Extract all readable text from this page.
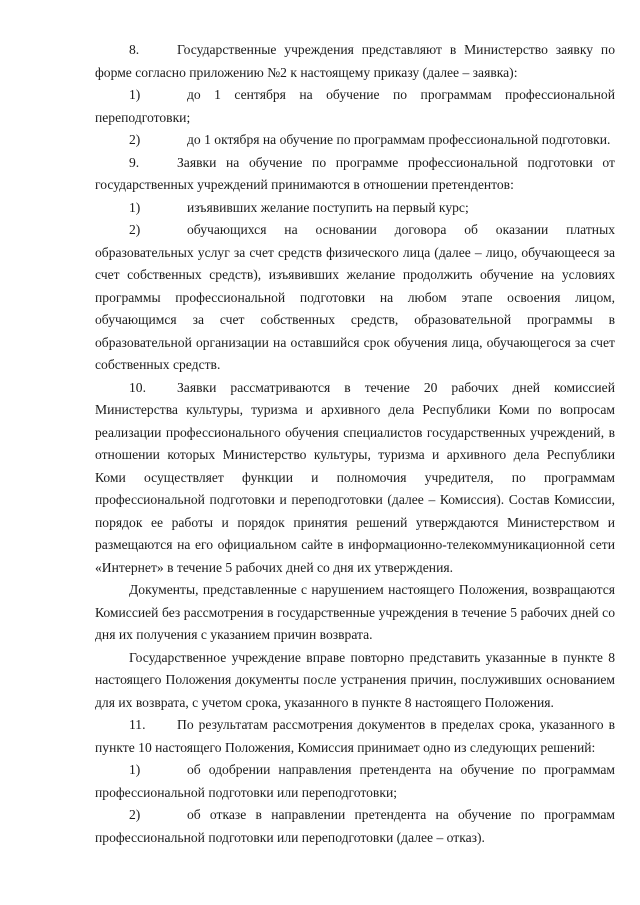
8.	Государственные учреждения представляют в Министерство заявку по форме согласно приложению №2 к настоящему приказу (далее – заявка):

1)	до 1 сентября на обучение по программам профессиональной переподготовки;

2)	до 1 октября на обучение по программам профессиональной подготовки.

9.	Заявки на обучение по программе профессиональной подготовки от государственных учреждений принимаются в отношении претендентов:

1)	изъявивших желание поступить на первый курс;

2)	обучающихся на основании договора об оказании платных образовательных услуг за счет средств физического лица (далее – лицо, обучающееся за счет собственных средств), изъявивших желание продолжить обучение на условиях программы профессиональной подготовки на любом этапе освоения лицом, обучающимся за счет собственных средств, образовательной программы в образовательной организации на оставшийся срок обучения лица, обучающегося за счет собственных средств.

10. Заявки рассматриваются в течение 20 рабочих дней комиссией Министерства культуры, туризма и архивного дела Республики Коми по вопросам реализации профессионального обучения специалистов государственных учреждений, в отношении которых Министерство культуры, туризма и архивного дела Республики Коми осуществляет функции и полномочия учредителя, по программам профессиональной подготовки и переподготовки (далее – Комиссия). Состав Комиссии, порядок ее работы и порядок принятия решений утверждаются Министерством и размещаются на его официальном сайте в информационно-телекоммуникационной сети «Интернет» в течение 5 рабочих дней со дня их утверждения.

Документы, представленные с нарушением настоящего Положения, возвращаются Комиссией без рассмотрения в государственные учреждения в течение 5 рабочих дней со дня их получения с указанием причин возврата.

Государственное учреждение вправе повторно представить указанные в пункте 8 настоящего Положения документы после устранения причин, послуживших основанием для их возврата, с учетом срока, указанного в пункте 8 настоящего Положения.

11. По результатам рассмотрения документов в пределах срока, указанного в пункте 10 настоящего Положения, Комиссия принимает одно из следующих решений:

1)	об одобрении направления претендента на обучение по программам профессиональной подготовки или переподготовки;

2)	об отказе в направлении претендента на обучение по программам профессиональной подготовки или переподготовки (далее – отказ).
